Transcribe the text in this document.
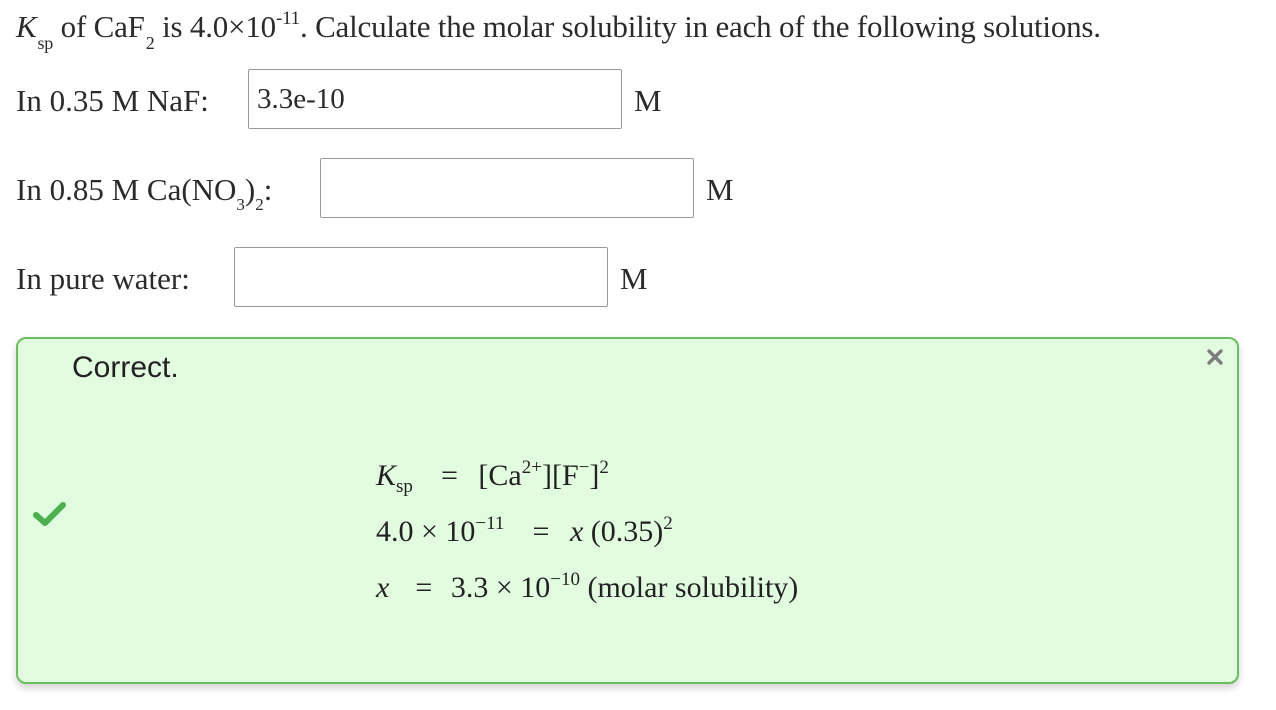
$K_{sp}$ of CaF$_2$ is $4.0\times 10^{-11}$. Calculate the molar solubility in each of the following solutions.
In 0.35 M NaF:
3.3e-10	M
In 0.85 M $Ca(NO_3)_2$:	M
In pure water:	M
Correct.
$K_{sp} = [Ca^{2+}][F^-]^2$
$4.0 \times 10^{-11} = x$ $(0.35)^2$
$x = 3.3 \times 10^{-10}$ (molar solubility)
